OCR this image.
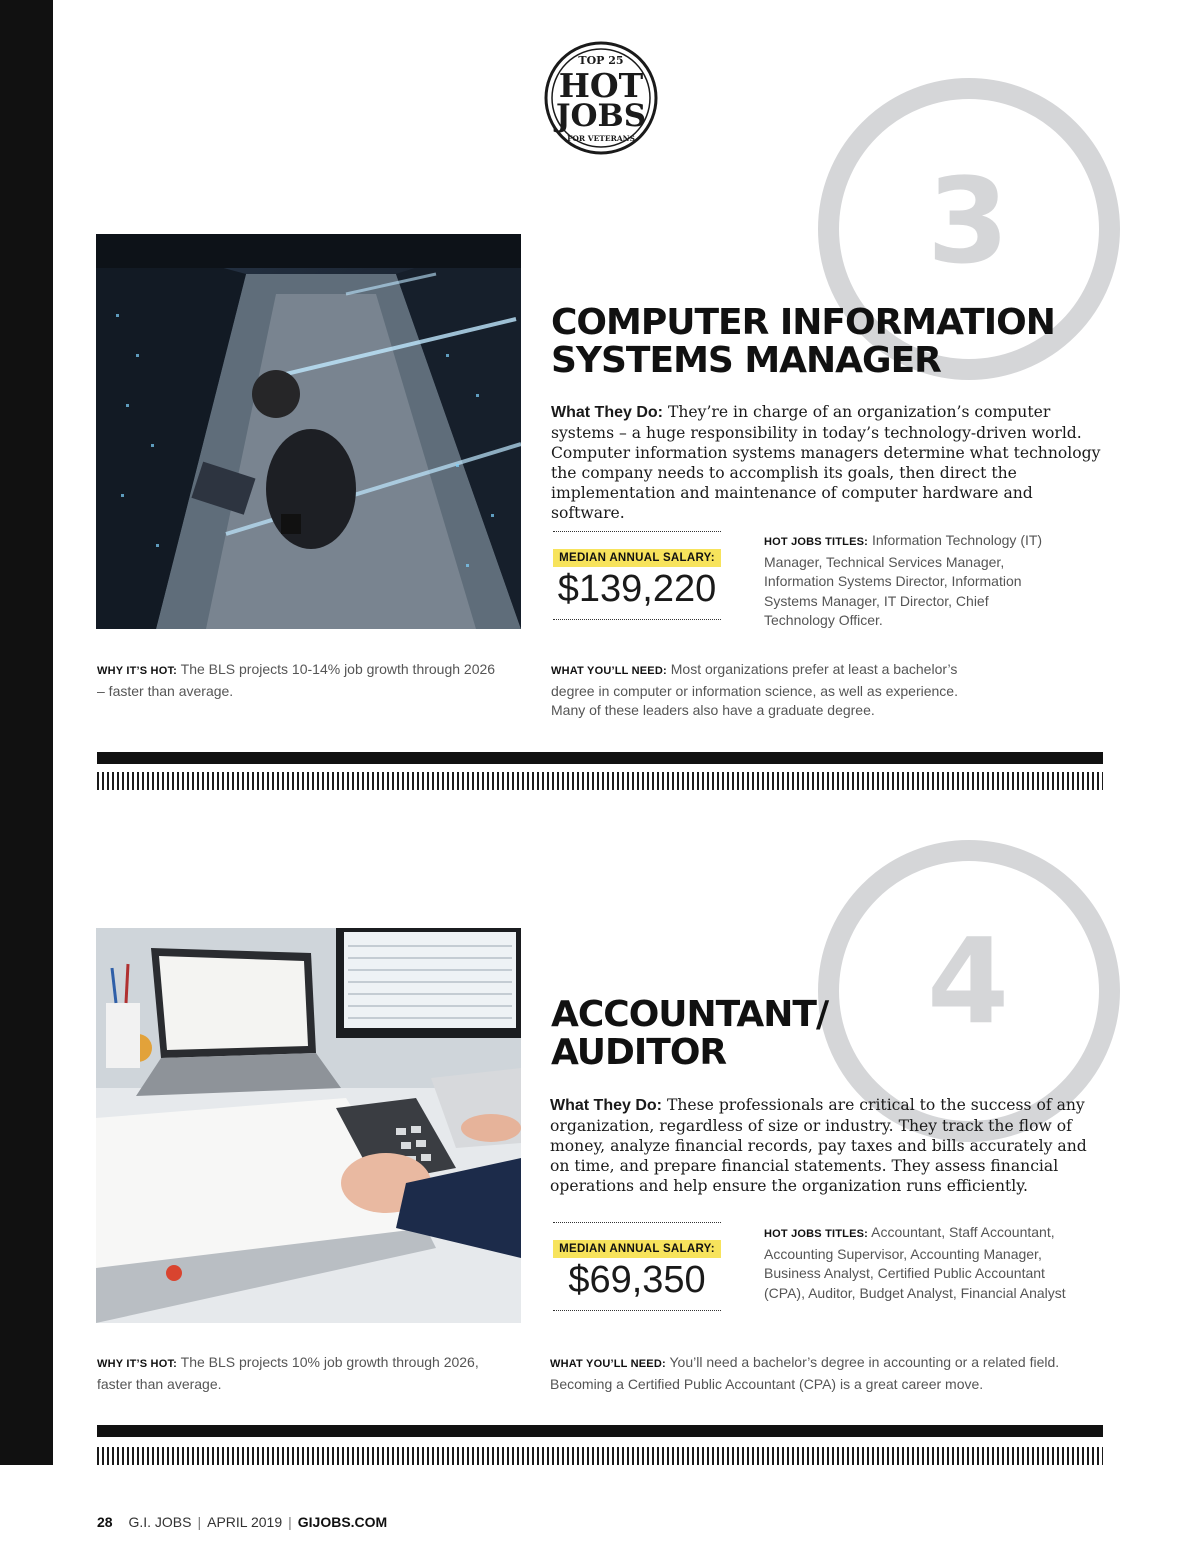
TOP 25
HOT
JOBS
FOR VETERANS
3
COMPUTER INFORMATION
SYSTEMS MANAGER

What They Do: They’re in charge of an organization’s computer systems – a huge responsibility in today’s technology-driven world. Computer information systems managers determine what technology the company needs to accomplish its goals, then direct the implementation and maintenance of computer hardware and software.

MEDIAN ANNUAL SALARY:
$139,220

HOT JOBS TITLES: Information Technology (IT) Manager, Technical Services Manager, Information Systems Director, Information Systems Manager, IT Director, Chief Technology Officer.

WHY IT’S HOT: The BLS projects 10-14% job growth through 2026 – faster than average.

WHAT YOU’LL NEED: Most organizations prefer at least a bachelor’s degree in computer or information science, as well as experience. Many of these leaders also have a graduate degree.

4
ACCOUNTANT/
AUDITOR

What They Do: These professionals are critical to the success of any organization, regardless of size or industry. They track the flow of money, analyze financial records, pay taxes and bills accurately and on time, and prepare financial statements. They assess financial operations and help ensure the organization runs efficiently.

MEDIAN ANNUAL SALARY:
$69,350

HOT JOBS TITLES: Accountant, Staff Accountant, Accounting Supervisor, Accounting Manager, Business Analyst, Certified Public Accountant (CPA), Auditor, Budget Analyst, Financial Analyst

WHY IT’S HOT: The BLS projects 10% job growth through 2026, faster than average.

WHAT YOU’LL NEED: You’ll need a bachelor’s degree in accounting or a related field. Becoming a Certified Public Accountant (CPA) is a great career move.

28 G.I. JOBS | APRIL 2019 | GIJOBS.COM
